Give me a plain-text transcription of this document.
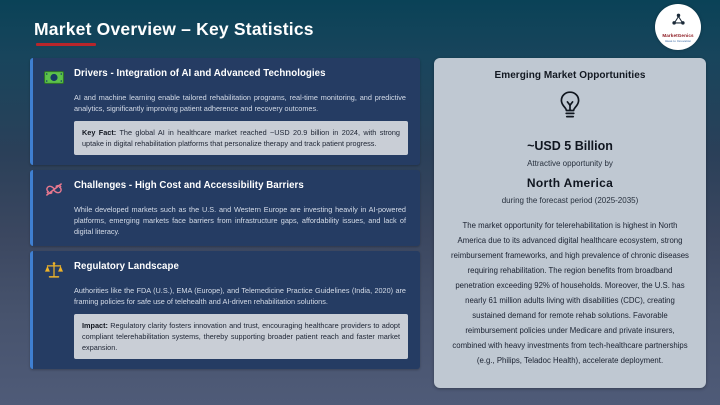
Market Overview – Key Statistics	MarketGenics
Ideas to Innovation
Drivers - Integration of AI and Advanced Technologies
AI and machine learning enable tailored rehabilitation programs, real-time monitoring, and predictive analytics, significantly improving patient adherence and recovery outcomes.
Key Fact: The global AI in healthcare market reached ~USD 20.9 billion in 2024, with strong uptake in digital rehabilitation platforms that personalize therapy and track patient progress.
Challenges - High Cost and Accessibility Barriers
While developed markets such as the U.S. and Western Europe are investing heavily in AI-powered platforms, emerging markets face barriers from infrastructure gaps, affordability issues, and lack of digital literacy.
Regulatory Landscape
Authorities like the FDA (U.S.), EMA (Europe), and Telemedicine Practice Guidelines (India, 2020) are framing policies for safe use of telehealth and AI-driven rehabilitation solutions.
Impact: Regulatory clarity fosters innovation and trust, encouraging healthcare providers to adopt compliant telerehabilitation systems, thereby supporting broader patient reach and faster market expansion.
Emerging Market Opportunities
~USD 5 Billion
Attractive opportunity by
North America
during the forecast period (2025-2035)
The market opportunity for telerehabilitation is highest in North America due to its advanced digital healthcare ecosystem, strong reimbursement frameworks, and high prevalence of chronic diseases requiring rehabilitation. The region benefits from broadband penetration exceeding 92% of households. Moreover, the U.S. has nearly 61 million adults living with disabilities (CDC), creating sustained demand for remote rehab solutions. Favorable reimbursement policies under Medicare and private insurers, combined with heavy investments from tech-healthcare partnerships (e.g., Philips, Teladoc Health), accelerate deployment.
